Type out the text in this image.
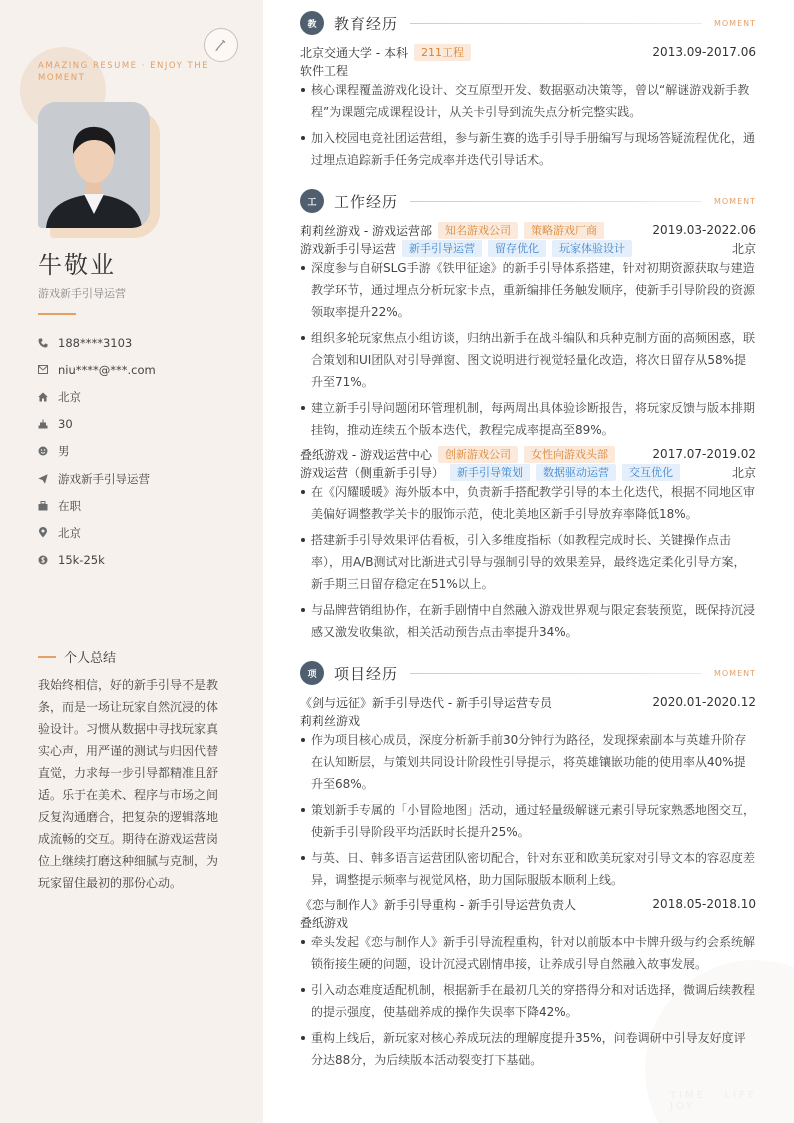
AMAZING RESUME · ENJOY THE MOMENT
牛敬业
游戏新手引导运营
188****3103
niu****@***.com
北京
30
男
游戏新手引导运营
在职
北京
15k-25k
个人总结

我始终相信，好的新手引导不是教条，而是一场让玩家自然沉浸的体验设计。习惯从数据中寻找玩家真实心声，用严谨的测试与归因代替直觉，力求每一步引导都精准且舒适。乐于在美术、程序与市场之间反复沟通磨合，把复杂的逻辑落地成流畅的交互。期待在游戏运营岗位上继续打磨这种细腻与克制，为玩家留住最初的那份心动。

TIME · LIFE · JOY
教	教育经历	MOMENT
北京交通大学 - 本科	211工程	2013.09-2017.06
软件工程
核心课程覆盖游戏化设计、交互原型开发、数据驱动决策等，曾以“解谜游戏新手教程”为课题完成课程设计，从关卡引导到流失点分析完整实践。
加入校园电竞社团运营组，参与新生赛的选手引导手册编写与现场答疑流程优化，通过埋点追踪新手任务完成率并迭代引导话术。
工	工作经历	MOMENT
莉莉丝游戏 - 游戏运营部	知名游戏公司	策略游戏厂商	2019.03-2022.06
游戏新手引导运营	新手引导运营	留存优化	玩家体验设计	北京
深度参与自研SLG手游《铁甲征途》的新手引导体系搭建，针对初期资源获取与建造教学环节，通过埋点分析玩家卡点，重新编排任务触发顺序，使新手引导阶段的资源领取率提升22%。
组织多轮玩家焦点小组访谈，归纳出新手在战斗编队和兵种克制方面的高频困惑，联合策划和UI团队对引导弹窗、图文说明进行视觉轻量化改造，将次日留存从58%提升至71%。
建立新手引导问题闭环管理机制，每两周出具体验诊断报告，将玩家反馈与版本排期挂钩，推动连续五个版本迭代，教程完成率提高至89%。
叠纸游戏 - 游戏运营中心	创新游戏公司	女性向游戏头部	2017.07-2019.02
游戏运营（侧重新手引导）	新手引导策划	数据驱动运营	交互优化	北京
在《闪耀暖暖》海外版本中，负责新手搭配教学引导的本土化迭代，根据不同地区审美偏好调整教学关卡的服饰示范，使北美地区新手引导放弃率降低18%。
搭建新手引导效果评估看板，引入多维度指标（如教程完成时长、关键操作点击率），用A/B测试对比渐进式引导与强制引导的效果差异，最终选定柔化引导方案，新手期三日留存稳定在51%以上。
与品牌营销组协作，在新手剧情中自然融入游戏世界观与限定套装预览，既保持沉浸感又激发收集欲，相关活动预告点击率提升34%。
项	项目经历	MOMENT
《剑与远征》新手引导迭代 - 新手引导运营专员	2020.01-2020.12
莉莉丝游戏
作为项目核心成员，深度分析新手前30分钟行为路径，发现探索副本与英雄升阶存在认知断层，与策划共同设计阶段性引导提示，将英雄镶嵌功能的使用率从40%提升至68%。
策划新手专属的「小冒险地图」活动，通过轻量级解谜元素引导玩家熟悉地图交互，使新手引导阶段平均活跃时长提升25%。
与英、日、韩多语言运营团队密切配合，针对东亚和欧美玩家对引导文本的容忍度差异，调整提示频率与视觉风格，助力国际服版本顺利上线。
《恋与制作人》新手引导重构 - 新手引导运营负责人	2018.05-2018.10
叠纸游戏
牵头发起《恋与制作人》新手引导流程重构，针对以前版本中卡牌升级与约会系统解锁衔接生硬的问题，设计沉浸式剧情串接，让养成引导自然融入故事发展。
引入动态难度适配机制，根据新手在最初几关的穿搭得分和对话选择，微调后续教程的提示强度，使基础养成的操作失误率下降42%。
重构上线后，新玩家对核心养成玩法的理解度提升35%，问卷调研中引导友好度评分达88分，为后续版本活动裂变打下基础。
